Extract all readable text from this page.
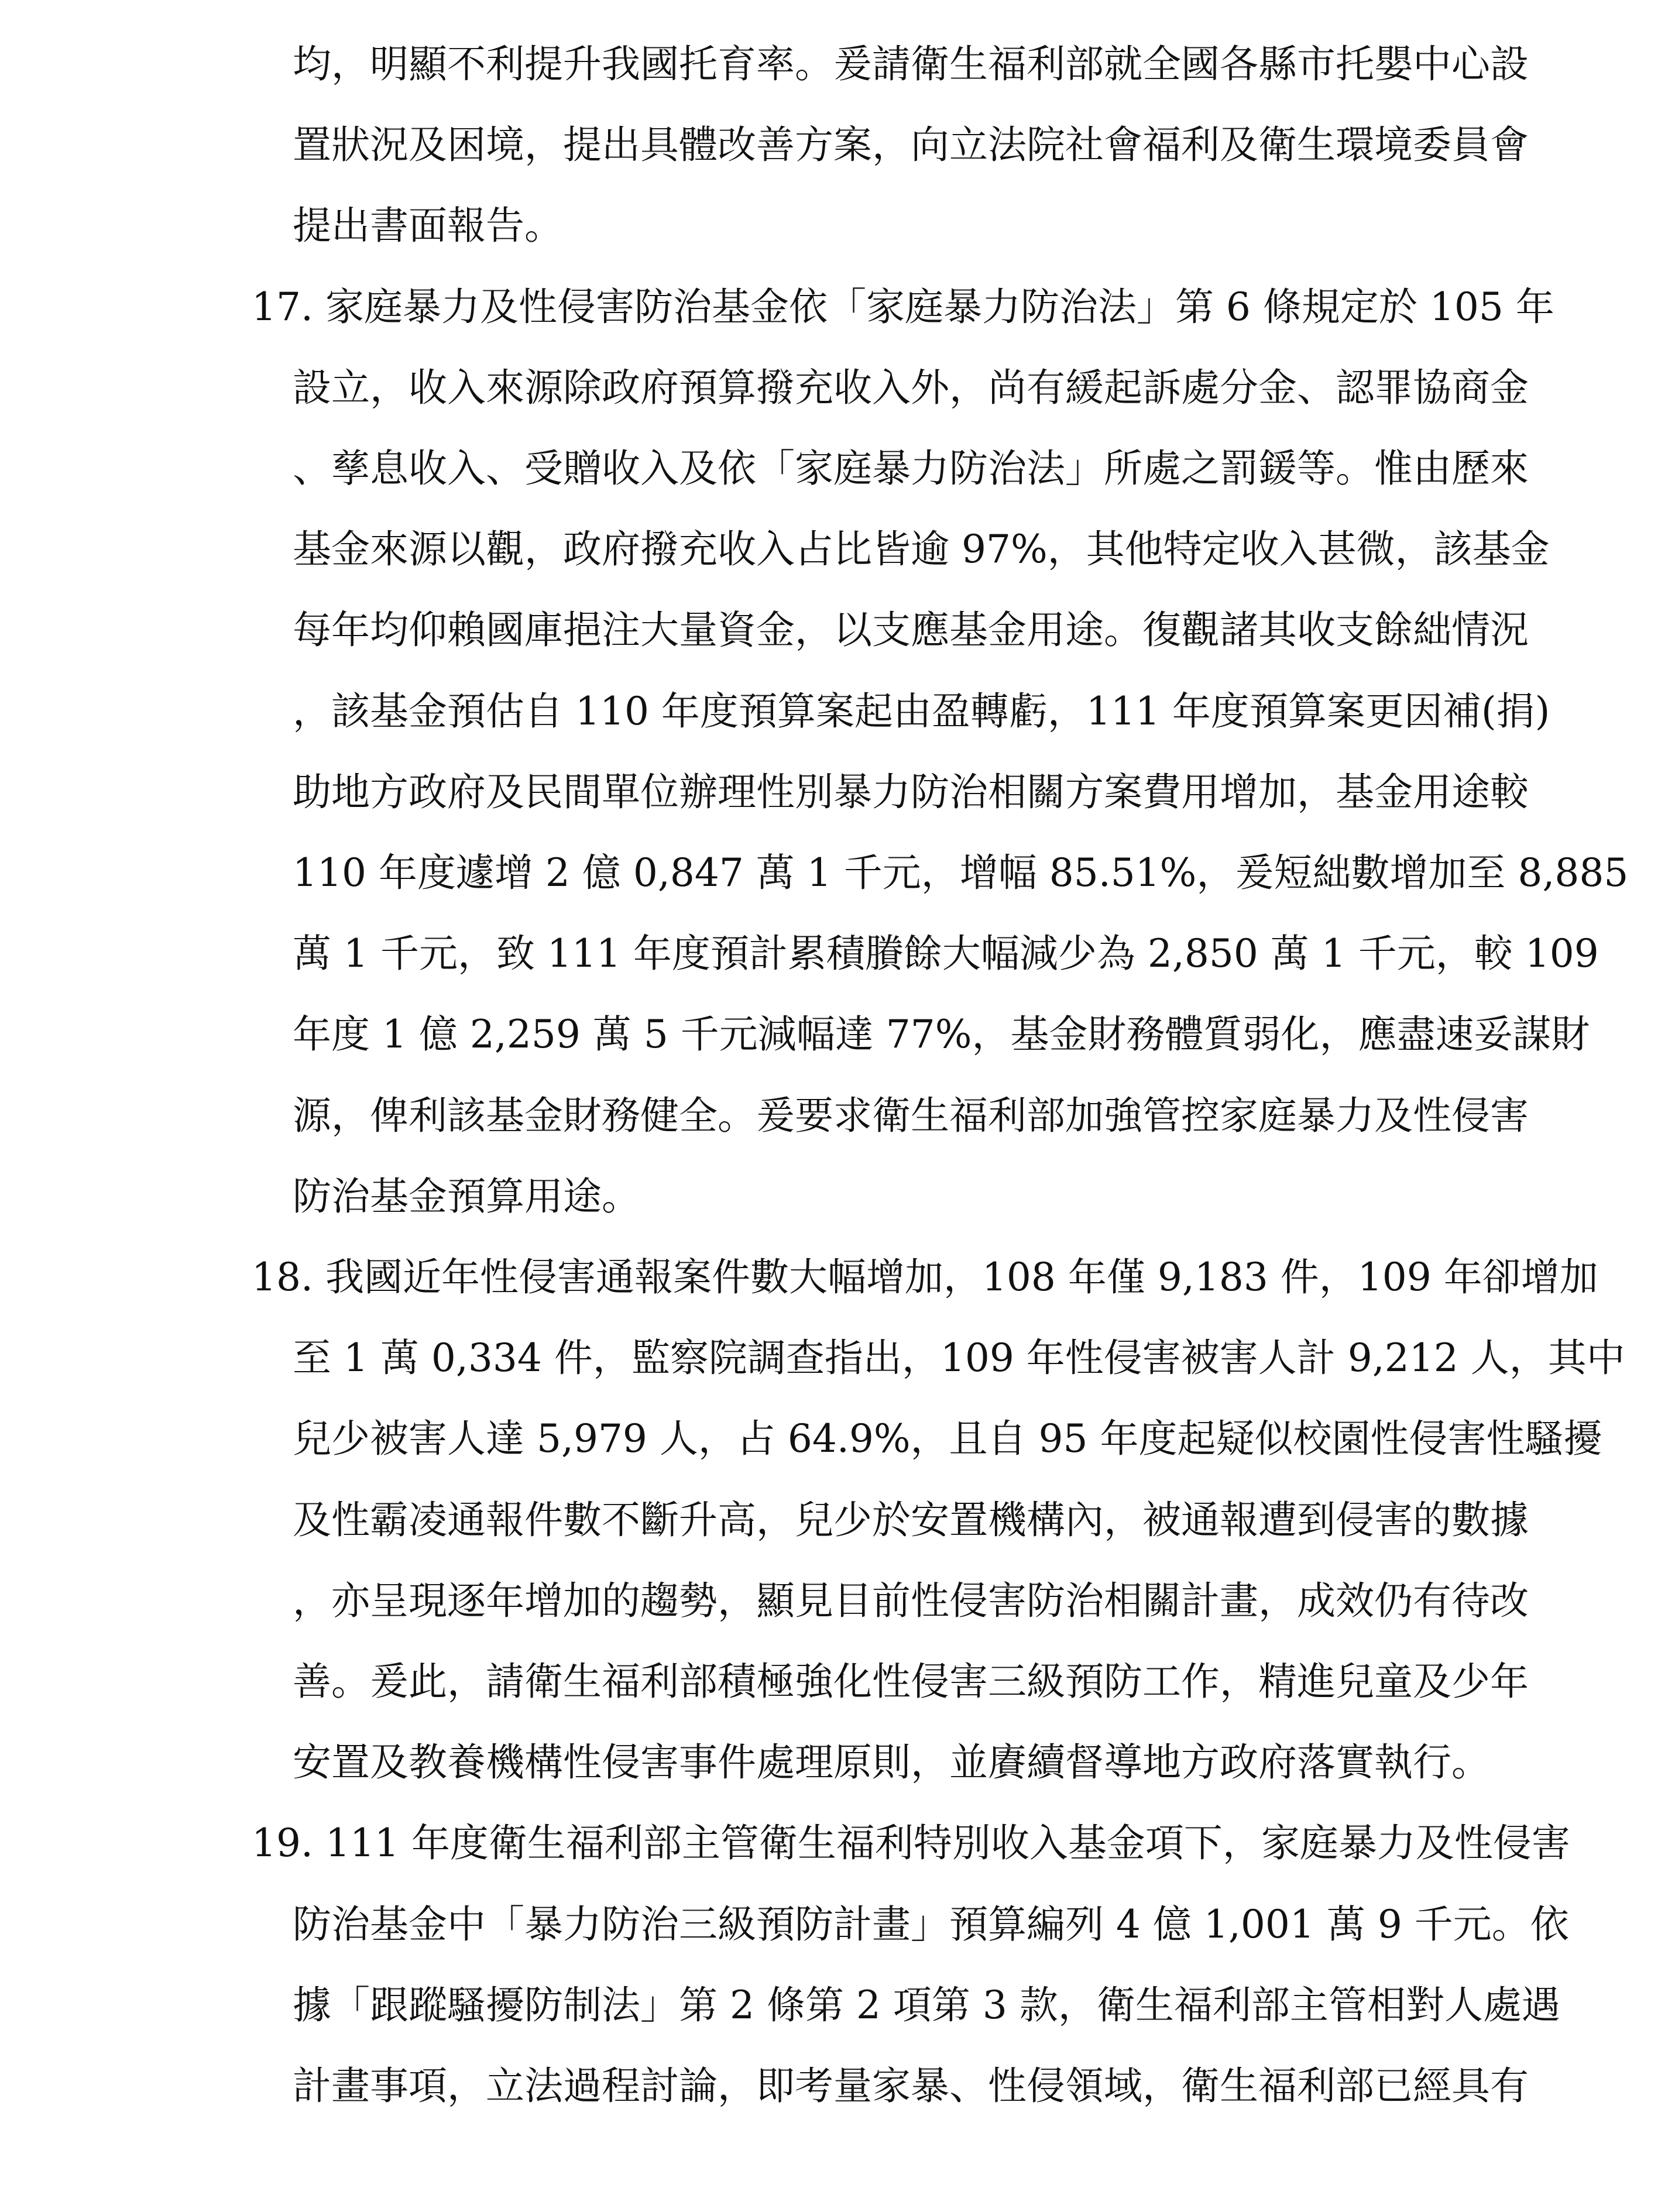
均，明顯不利提升我國托育率。爰請衛生福利部就全國各縣市托嬰中心設
置狀況及困境，提出具體改善方案，向立法院社會福利及衛生環境委員會
提出書面報告。
17. 家庭暴力及性侵害防治基金依「家庭暴力防治法」第 6 條規定於 105 年
設立，收入來源除政府預算撥充收入外，尚有緩起訴處分金、認罪協商金
、孳息收入、受贈收入及依「家庭暴力防治法」所處之罰鍰等。惟由歷來
基金來源以觀，政府撥充收入占比皆逾 97%，其他特定收入甚微，該基金
每年均仰賴國庫挹注大量資金，以支應基金用途。復觀諸其收支餘絀情況
，該基金預估自 110 年度預算案起由盈轉虧，111 年度預算案更因補(捐)
助地方政府及民間單位辦理性別暴力防治相關方案費用增加，基金用途較
110 年度遽增 2 億 0,847 萬 1 千元，增幅 85.51%，爰短絀數增加至 8,885
萬 1 千元，致 111 年度預計累積賸餘大幅減少為 2,850 萬 1 千元，較 109
年度 1 億 2,259 萬 5 千元減幅達 77%，基金財務體質弱化，應盡速妥謀財
源，俾利該基金財務健全。爰要求衛生福利部加強管控家庭暴力及性侵害
防治基金預算用途。
18. 我國近年性侵害通報案件數大幅增加，108 年僅 9,183 件，109 年卻增加
至 1 萬 0,334 件，監察院調查指出，109 年性侵害被害人計 9,212 人，其中
兒少被害人達 5,979 人，占 64.9%，且自 95 年度起疑似校園性侵害性騷擾
及性霸凌通報件數不斷升高，兒少於安置機構內，被通報遭到侵害的數據
，亦呈現逐年增加的趨勢，顯見目前性侵害防治相關計畫，成效仍有待改
善。爰此，請衛生福利部積極強化性侵害三級預防工作，精進兒童及少年
安置及教養機構性侵害事件處理原則，並賡續督導地方政府落實執行。
19. 111 年度衛生福利部主管衛生福利特別收入基金項下，家庭暴力及性侵害
防治基金中「暴力防治三級預防計畫」預算編列 4 億 1,001 萬 9 千元。依
據「跟蹤騷擾防制法」第 2 條第 2 項第 3 款，衛生福利部主管相對人處遇
計畫事項，立法過程討論，即考量家暴、性侵領域，衛生福利部已經具有
